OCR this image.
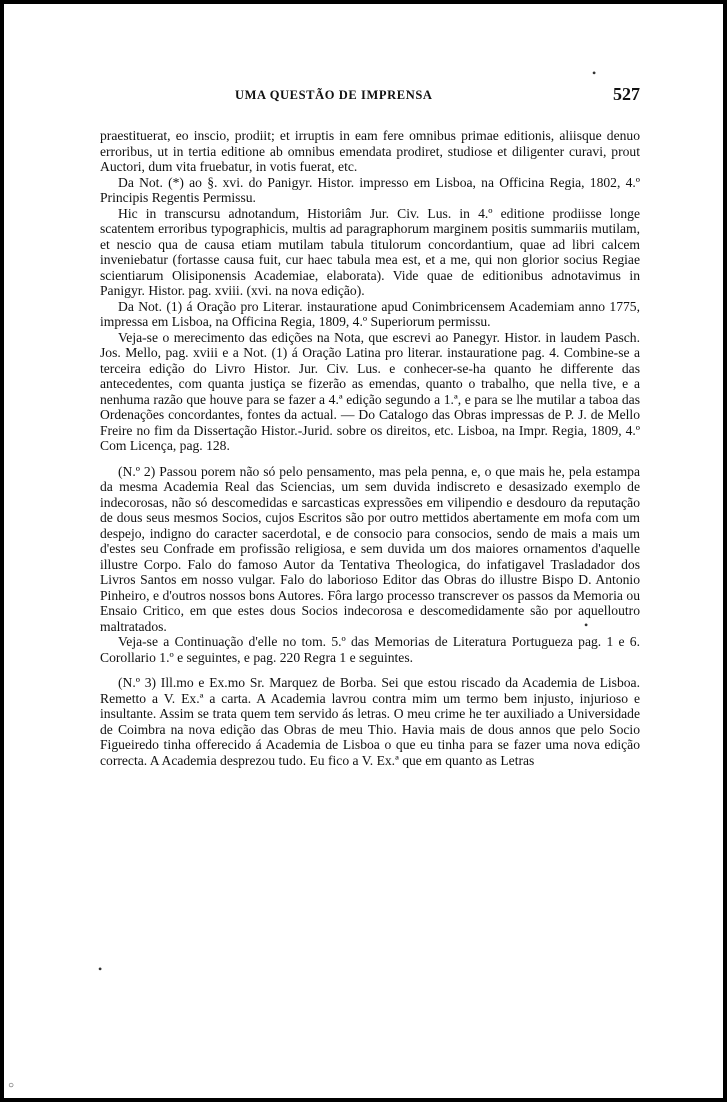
UMA QUESTÃO DE IMPRENSA	527

praestituerat, eo inscio, prodiit; et irruptis in eam fere omnibus primae editionis, aliisque denuo erroribus, ut in tertia editione ab omnibus emendata prodiret, studiose et diligenter curavi, prout Auctori, dum vita fruebatur, in votis fuerat, etc.

Da Not. (*) ao §. xvi. do Panigyr. Histor. impresso em Lisboa, na Officina Regia, 1802, 4.º Principis Regentis Permissu.

Hic in transcursu adnotandum, Historiâm Jur. Civ. Lus. in 4.º editione prodiisse longe scatentem erroribus typographicis, multis ad paragraphorum marginem positis summariis mutilam, et nescio qua de causa etiam mutilam tabula titulorum concordantium, quae ad libri calcem inveniebatur (fortasse causa fuit, cur haec tabula mea est, et a me, qui non glorior socius Regiae scientiarum Olisiponensis Academiae, elaborata). Vide quae de editionibus adnotavimus in Panigyr. Histor. pag. xviii. (xvi. na nova edição).

Da Not. (1) á Oração pro Literar. instauratione apud Conimbricensem Academiam anno 1775, impressa em Lisboa, na Officina Regia, 1809, 4.º Superiorum permissu.

Veja-se o merecimento das edições na Nota, que escrevi ao Panegyr. Histor. in laudem Pasch. Jos. Mello, pag. xviii e a Not. (1) á Oração Latina pro literar. instauratione pag. 4. Combine-se a terceira edição do Livro Histor. Jur. Civ. Lus. e conhecer-se-ha quanto he differente das antecedentes, com quanta justiça se fizerão as emendas, quanto o trabalho, que nella tive, e a nenhuma razão que houve para se fazer a 4.ª edição segundo a 1.ª, e para se lhe mutilar a taboa das Ordenações concordantes, fontes da actual. — Do Catalogo das Obras impressas de P. J. de Mello Freire no fim da Dissertação Histor.-Jurid. sobre os direitos, etc. Lisboa, na Impr. Regia, 1809, 4.º Com Licença, pag. 128.

(N.º 2) Passou porem não só pelo pensamento, mas pela penna, e, o que mais he, pela estampa da mesma Academia Real das Sciencias, um sem duvida indiscreto e desasizado exemplo de indecorosas, não só descomedidas e sarcasticas expressões em vilipendio e desdouro da reputação de dous seus mesmos Socios, cujos Escritos são por outro mettidos abertamente em mofa com um despejo, indigno do caracter sacerdotal, e de consocio para consocios, sendo de mais a mais um d'estes seu Confrade em profissão religiosa, e sem duvida um dos maiores ornamentos d'aquelle illustre Corpo. Falo do famoso Autor da Tentativa Theologica, do infatigavel Trasladador dos Livros Santos em nosso vulgar. Falo do laborioso Editor das Obras do illustre Bispo D. Antonio Pinheiro, e d'outros nossos bons Autores. Fôra largo processo transcrever os passos da Memoria ou Ensaio Critico, em que estes dous Socios indecorosa e descomedidamente são por aquelloutro maltratados.

Veja-se a Continuação d'elle no tom. 5.º das Memorias de Literatura Portugueza pag. 1 e 6. Corollario 1.º e seguintes, e pag. 220 Regra 1 e seguintes.

(N.º 3) Ill.mo e Ex.mo Sr. Marquez de Borba. Sei que estou riscado da Academia de Lisboa. Remetto a V. Ex.ª a carta. A Academia lavrou contra mim um termo bem injusto, injurioso e insultante. Assim se trata quem tem servido ás letras. O meu crime he ter auxiliado a Universidade de Coimbra na nova edição das Obras de meu Thio. Havia mais de dous annos que pelo Socio Figueiredo tinha offerecido á Academia de Lisboa o que eu tinha para se fazer uma nova edição correcta. A Academia desprezou tudo. Eu fico a V. Ex.ª que em quanto as Letras

•
•
•
○
